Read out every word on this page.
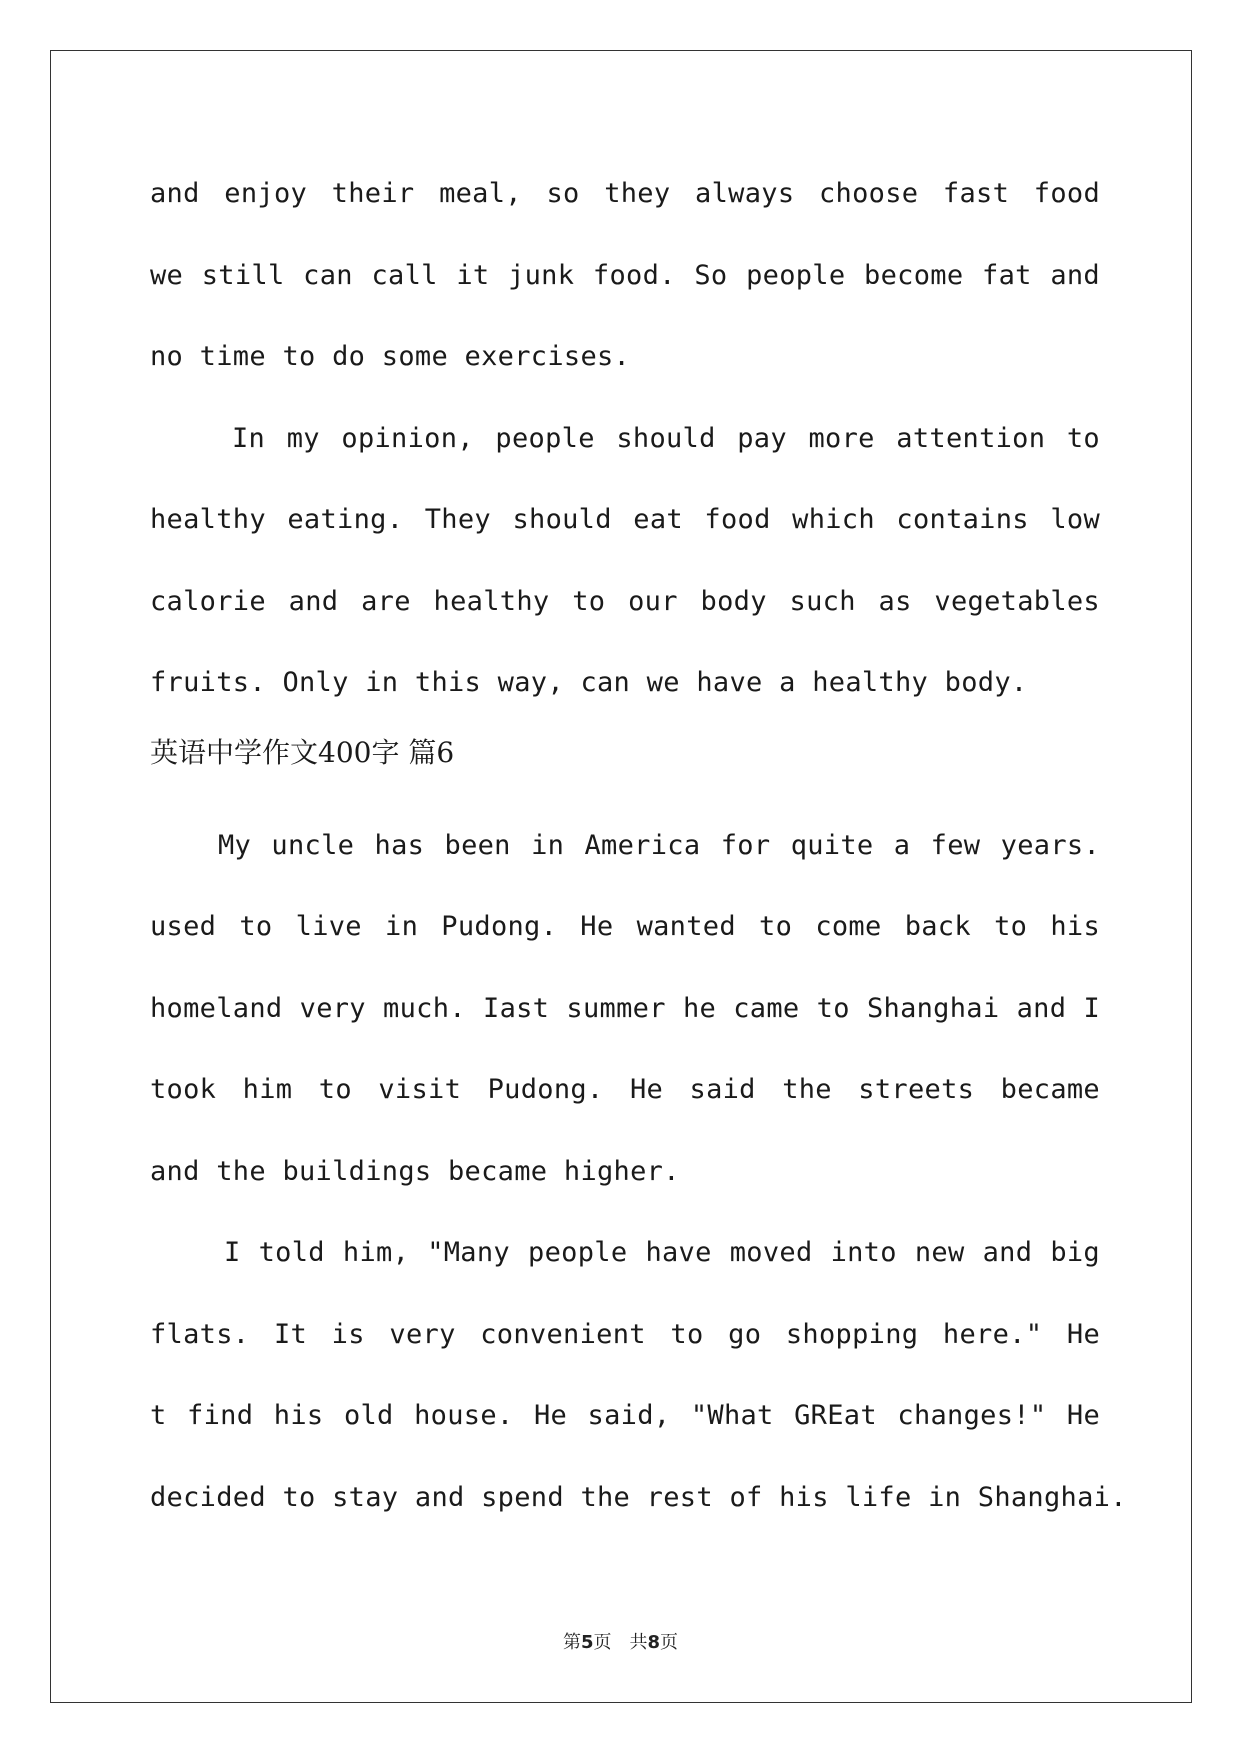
and enjoy their meal, so they always choose fast food
we still can call it junk food. So people become fat and
no time to do some exercises.
In my opinion, people should pay more attention to
healthy eating. They should eat food which contains low
calorie and are healthy to our body such as vegetables
fruits. Only in this way, can we have a healthy body.
英语中学作文400字 篇6
My uncle has been in America for quite a few years.
used to live in Pudong. He wanted to come back to his
homeland very much. Iast summer he came to Shanghai and I
took him to visit Pudong. He said the streets became
and the buildings became higher.
I told him, "Many people have moved into new and big
flats. It is very convenient to go shopping here." He
t find his old house. He said, "What GREat changes!" He
decided to stay and spend the rest of his life in Shanghai.
第5页 共8页
